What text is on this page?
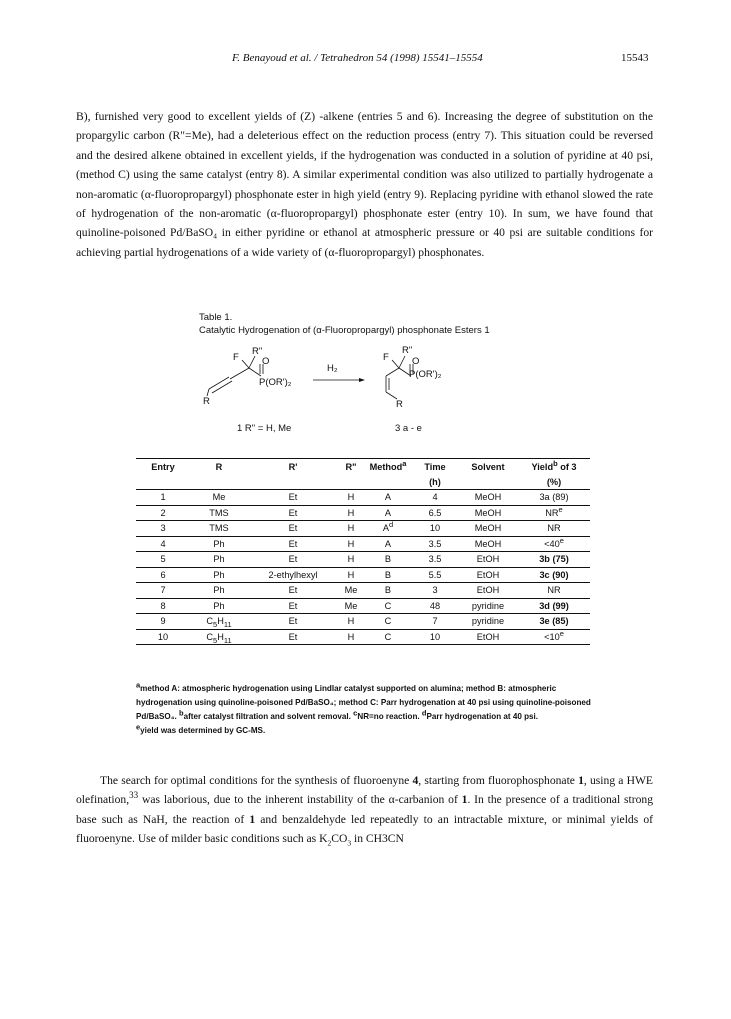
F. Benayoud et al. / Tetrahedron 54 (1998) 15541–15554	15543

B), furnished very good to excellent yields of (Z) -alkene (entries 5 and 6). Increasing the degree of substitution on the propargylic carbon (R"=Me), had a deleterious effect on the reduction process (entry 7). This situation could be reversed and the desired alkene obtained in excellent yields, if the hydrogenation was conducted in a solution of pyridine at 40 psi, (method C) using the same catalyst (entry 8). A similar experimental condition was also utilized to partially hydrogenate a non-aromatic (α-fluoropropargyl) phosphonate ester in high yield (entry 9). Replacing pyridine with ethanol slowed the rate of hydrogenation of the non-aromatic (α-fluoropropargyl) phosphonate ester (entry 10). In sum, we have found that quinoline-poisoned Pd/BaSO₄ in either pyridine or ethanol at atmospheric pressure or 40 psi are suitable conditions for achieving partial hydrogenations of a wide variety of (α-fluoropropargyl) phosphonates.

Table 1.
Catalytic Hydrogenation of (α-Fluoropropargyl) phosphonate Esters 1
F
R"
O
P(OR')₂
R
H₂
F
R"
O
P(OR')₂
R
1 R" = H, Me	3 a - e
Entry	R	R'	R"	Method$^a$	Time	Solvent	Yield$^b$ of 3
					(h)		(%)
1	Me	Et	H	A	4	MeOH	3a (89)
2	TMS	Et	H	A	6.5	MeOH	$NR^e$
3	TMS	Et	H	$A^d$	10	MeOH	NR
4	Ph	Et	H	A	3.5	MeOH	$<40^e$
5	Ph	Et	H	B	3.5	EtOH	3b (75)
6	Ph	2-ethylhexyl	H	B	5.5	EtOH	3c (90)
7	Ph	Et	Me	B	3	EtOH	NR
8	Ph	Et	Me	C	48	pyridine	3d (99)
9	$C_5H_{11}$	Et	H	C	7	pyridine	3e (85)
10	$C_5H_{11}$	Et	H	C	10	EtOH	$<10^e$
$^a$method A: atmospheric hydrogenation using Lindlar catalyst supported on alumina; method B: atmospheric hydrogenation using quinoline-poisoned Pd/BaSO₄; method C: Parr hydrogenation at 40 psi using quinoline-poisoned Pd/BaSO₄. $^b$after catalyst filtration and solvent removal. $^c$NR=no reaction. $^d$Parr hydrogenation at 40 psi.
$^e$yield was determined by GC-MS.

The search for optimal conditions for the synthesis of fluoroenyne 4, starting from fluorophosphonate 1, using a HWE olefination,$^{33}$ was laborious, due to the inherent instability of the α-carbanion of 1. In the presence of a traditional strong base such as NaH, the reaction of 1 and benzaldehyde led repeatedly to an intractable mixture, or minimal yields of fluoroenyne. Use of milder basic conditions such as $K_2CO_3$ in CH3CN
